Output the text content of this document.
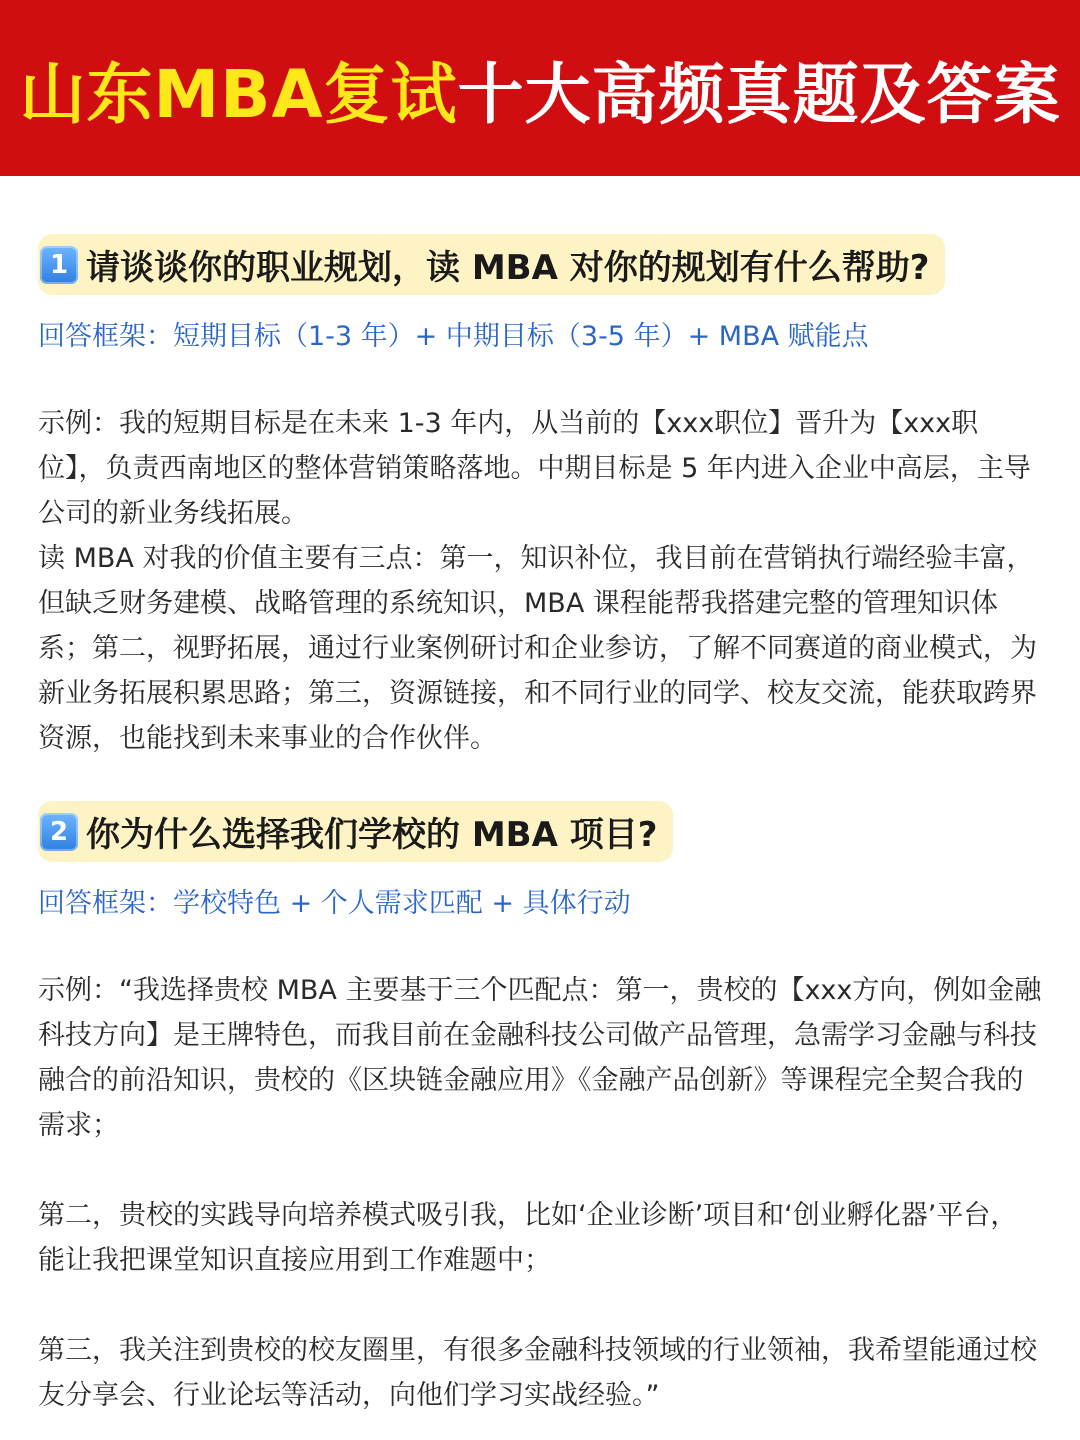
山东MBA复试 十大高频真题及答案
1 请谈谈你的职业规划，读 MBA 对你的规划有什么帮助?
回答框架：短期目标（1-3 年）+ 中期目标（3-5 年）+ MBA 赋能点

示例：我的短期目标是在未来 1-3 年内，从当前的【xxx职位】晋升为【xxx职位】，负责西南地区的整体营销策略落地。中期目标是 5 年内进入企业中高层，主导公司的新业务线拓展。

读 MBA 对我的价值主要有三点：第一，知识补位，我目前在营销执行端经验丰富，但缺乏财务建模、战略管理的系统知识，MBA 课程能帮我搭建完整的管理知识体系；第二，视野拓展，通过行业案例研讨和企业参访，了解不同赛道的商业模式，为新业务拓展积累思路；第三，资源链接，和不同行业的同学、校友交流，能获取跨界资源，也能找到未来事业的合作伙伴。

2 你为什么选择我们学校的 MBA 项目?
回答框架：学校特色 + 个人需求匹配 + 具体行动

示例：“我选择贵校 MBA 主要基于三个匹配点：第一，贵校的【xxx方向，例如金融科技方向】是王牌特色，而我目前在金融科技公司做产品管理，急需学习金融与科技融合的前沿知识，贵校的《区块链金融应用》《金融产品创新》等课程完全契合我的需求；

第二，贵校的实践导向培养模式吸引我，比如‘企业诊断’项目和‘创业孵化器’平台，能让我把课堂知识直接应用到工作难题中；

第三，我关注到贵校的校友圈里，有很多金融科技领域的行业领袖，我希望能通过校友分享会、行业论坛等活动，向他们学习实战经验。”
